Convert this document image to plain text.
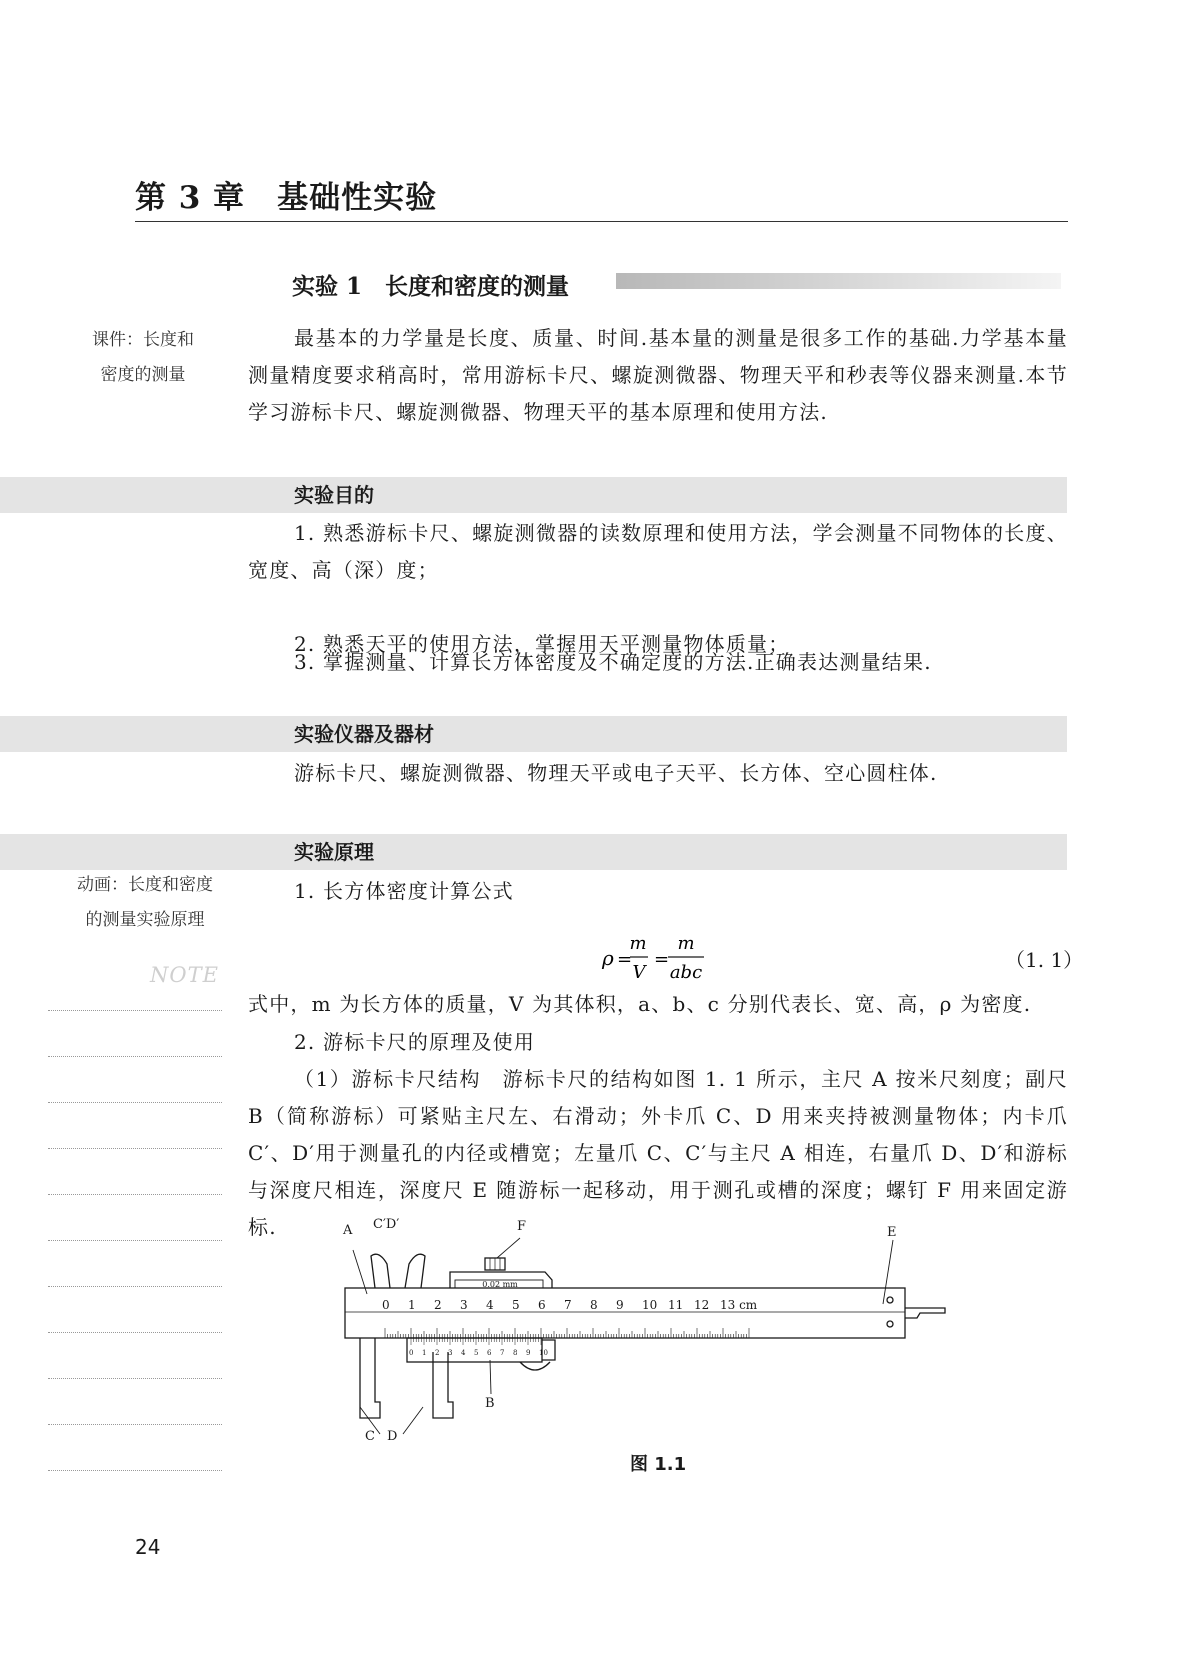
第 3 章　基础性实验
实验 1　长度和密度的测量
课件：长度和
密度的测量
动画：长度和密度
的测量实验原理
NOTE
最基本的力学量是长度、质量、时间.基本量的测量是很多工作的基础.力学基本量测量精度要求稍高时，常用游标卡尺、螺旋测微器、物理天平和秒表等仪器来测量.本节学习游标卡尺、螺旋测微器、物理天平的基本原理和使用方法.
实验目的
1. 熟悉游标卡尺、螺旋测微器的读数原理和使用方法，学会测量不同物体的长度、宽度、高（深）度；
2. 熟悉天平的使用方法，掌握用天平测量物体质量；
3. 掌握测量、计算长方体密度及不确定度的方法.正确表达测量结果.
实验仪器及器材
游标卡尺、螺旋测微器、物理天平或电子天平、长方体、空心圆柱体.
实验原理
1. 长方体密度计算公式
ρ =
m
V
=
m
abc
（1. 1）
式中，m 为长方体的质量，V 为其体积，a、b、c 分别代表长、宽、高，ρ 为密度.
2. 游标卡尺的原理及使用
（1）游标卡尺结构　游标卡尺的结构如图 1. 1 所示，主尺 A 按米尺刻度；副尺 B（简称游标）可紧贴主尺左、右滑动；外卡爪 C、D 用来夹持被测量物体；内卡爪 C′、D′用于测量孔的内径或槽宽；左量爪 C、C′与主尺 A 相连，右量爪 D、D′和游标与深度尺相连，深度尺 E 随游标一起移动，用于测孔或槽的深度；螺钉 F 用来固定游标.
0 1 2 3 4 5 6 7 8 9 10 11 12 13 cm
0 1 2 3 4 5 6 7 8 9 10
A C′D′	F	E
B
C D
0.02 mm
图 1.1
24
